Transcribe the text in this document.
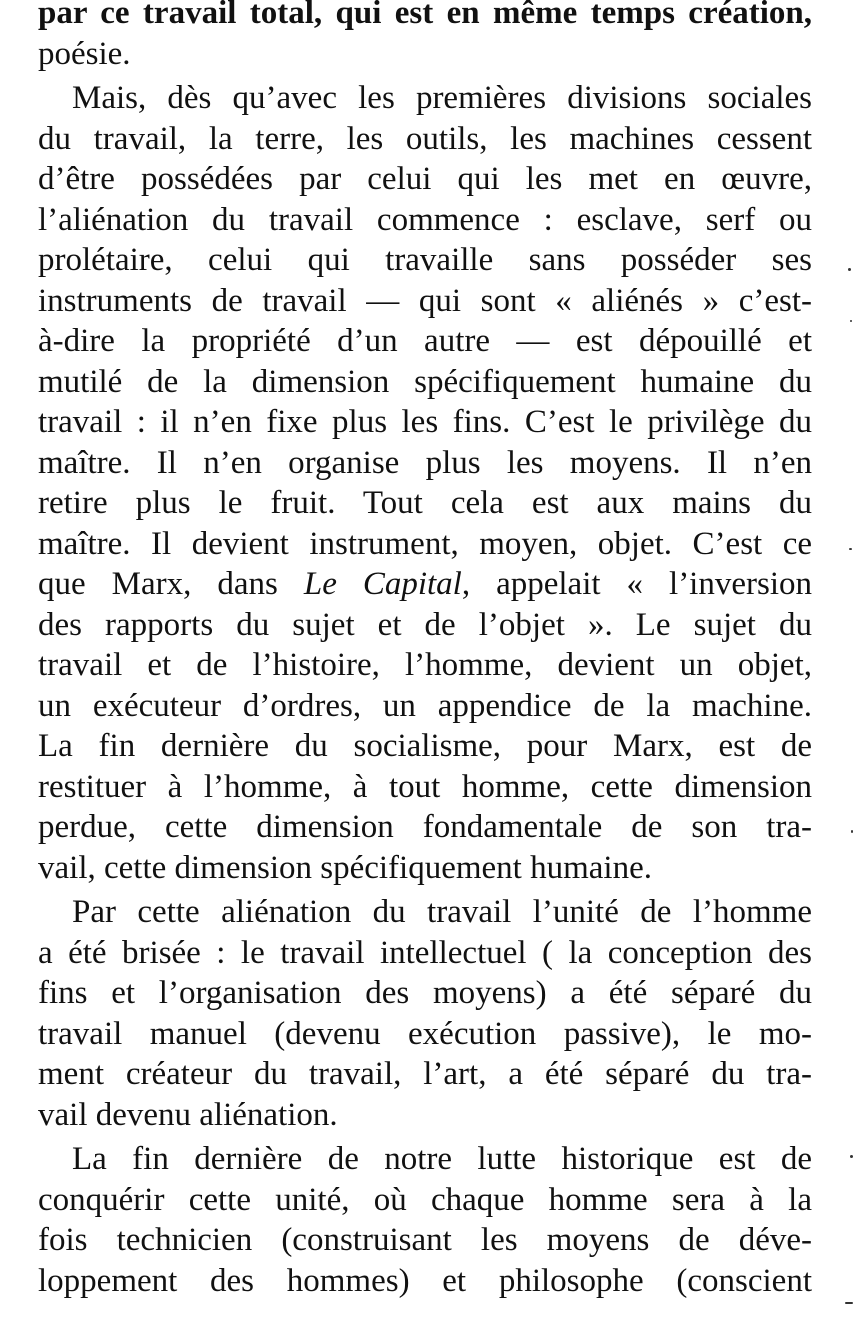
par ce travail total, qui est en même temps création,
poésie.
Mais, dès qu’avec les premières divisions sociales
du travail, la terre, les outils, les machines cessent
d’être possédées par celui qui les met en œuvre,
l’aliénation du travail commence : esclave, serf ou
prolétaire, celui qui travaille sans posséder ses
instruments de travail — qui sont « aliénés » c’est-
à-dire la propriété d’un autre — est dépouillé et
mutilé de la dimension spécifiquement humaine du
travail : il n’en fixe plus les fins. C’est le privilège du
maître. Il n’en organise plus les moyens. Il n’en
retire plus le fruit. Tout cela est aux mains du
maître. Il devient instrument, moyen, objet. C’est ce
que Marx, dans Le Capital, appelait « l’inversion
des rapports du sujet et de l’objet ». Le sujet du
travail et de l’histoire, l’homme, devient un objet,
un exécuteur d’ordres, un appendice de la machine.
La fin dernière du socialisme, pour Marx, est de
restituer à l’homme, à tout homme, cette dimension
perdue, cette dimension fondamentale de son tra-
vail, cette dimension spécifiquement humaine.
Par cette aliénation du travail l’unité de l’homme
a été brisée : le travail intellectuel ( la conception des
fins et l’organisation des moyens) a été séparé du
travail manuel (devenu exécution passive), le mo-
ment créateur du travail, l’art, a été séparé du tra-
vail devenu aliénation.
La fin dernière de notre lutte historique est de
conquérir cette unité, où chaque homme sera à la
fois technicien (construisant les moyens de déve-
loppement des hommes) et philosophe (conscient
